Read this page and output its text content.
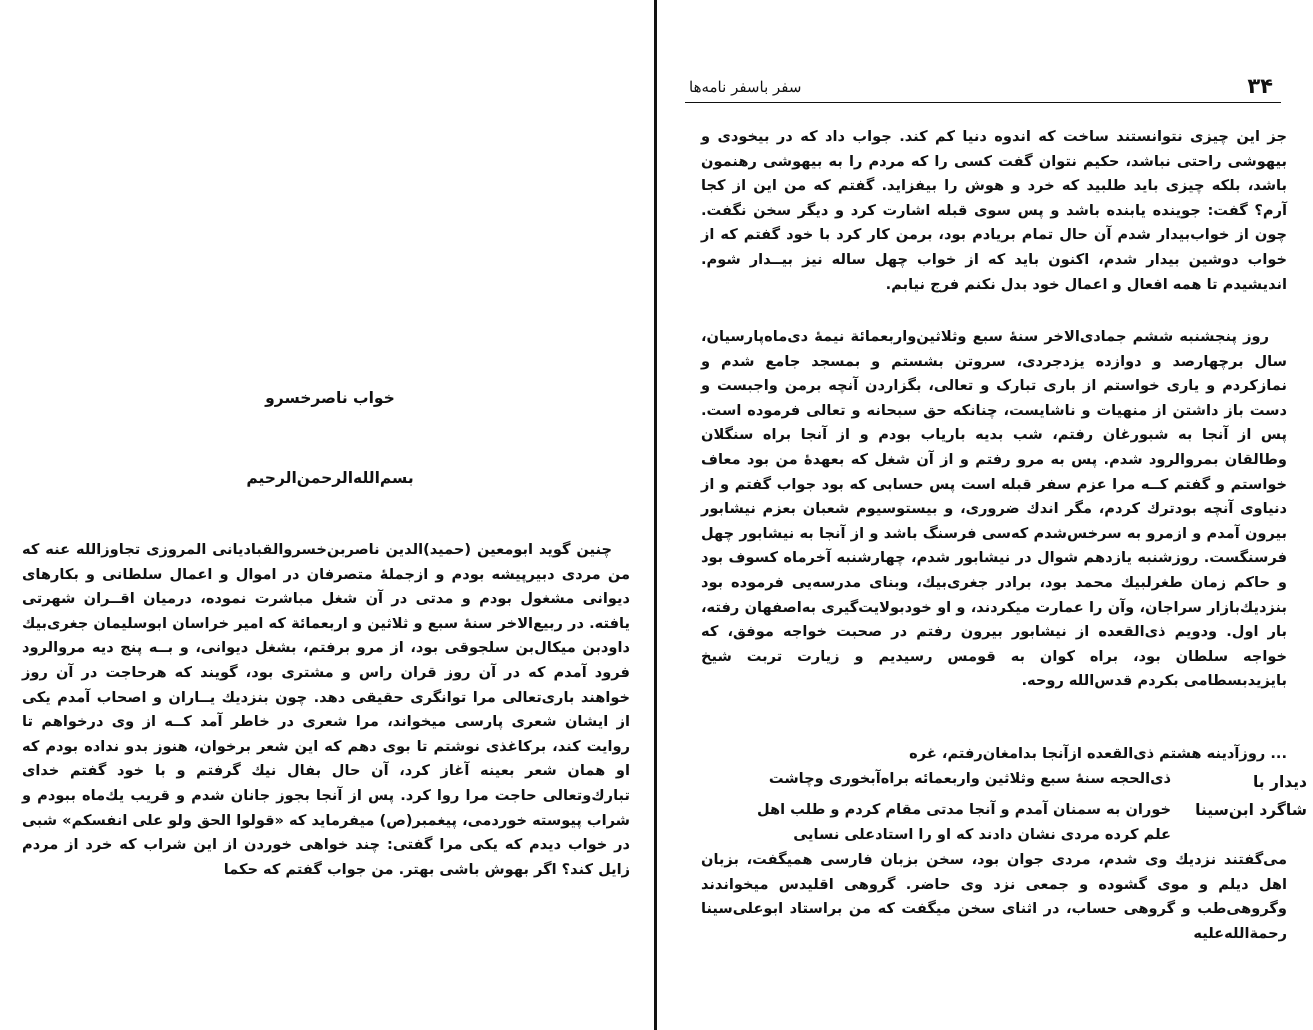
خواب ناصرخسرو
بسم‌الله‌الرحمن‌الرحیم
چنین گوید ابومعین (حمید)الدین ناصربن‌خسروالقبادیانی المروزی تجاوزالله عنه که من مردی دبیرپیشه بودم و ازجملهٔ متصرفان در اموال و اعمال سلطانی و بکارهای دیوانی مشغول بودم و مدتی در آن شغل مباشرت نموده، درمیان اقــران شهرتی یافته. در ربیع‌الاخر سنهٔ سبع و ثلاثین و اربعمائة که امیر خراسان ابوسلیمان جغری‌بیك داودبن میکال‌بن سلجوقی بود، از مرو برفتم، بشغل دیوانی، و بــه پنج دیه مروالرود فرود آمدم که در آن روز قران راس و مشتری بود، گویند که هرحاجت در آن روز خواهند باری‌تعالی مرا توانگری حقیقی دهد. چون بنزدیك یــاران و اصحاب آمدم یکی از ایشان شعری پارسی میخواند، مرا شعری در خاطر آمد کــه از وی درخواهم تا روایت کند، برکاغذی نوشتم تا بوی دهم که این شعر برخوان، هنوز بدو نداده بودم که او همان شعر بعینه آغاز کرد، آن حال بفال نیك گرفتم و با خود گفتم خدای تبارك‌وتعالی حاجت مرا روا کرد. پس از آنجا بجوز جانان شدم و قریب یك‌ماه ببودم و شراب پیوسته خوردمی، پیغمبر(ص) میفرماید که «قولوا الحق ولو علی انفسکم» شبی در خواب دیدم که یکی مرا گفتی: چند خواهی خوردن از این شراب که خرد از مردم زایل کند؟ اگر بهوش باشی بهتر. من جواب گفتم که حکما
۳۴
سفر باسفر نامه‌ها
جز این چیزی نتوانستند ساخت که اندوه دنیا کم کند. جواب داد که در بیخودی و بیهوشی راحتی نباشد، حکیم نتوان گفت کسی را که مردم را به بیهوشی رهنمون باشد، بلکه چیزی باید طلبید که خرد و هوش را بیفزاید. گفتم که من این از کجا آرم؟ گفت: جوینده یابنده باشد و پس سوی قبله اشارت کرد و دیگر سخن نگفت. چون از خواب‌بیدار شدم آن حال تمام بریادم بود، برمن کار کرد با خود گفتم که از خواب دوشین بیدار شدم، اکنون باید که از خواب چهل ساله نیز بیــدار شوم. اندیشیدم تا همه افعال و اعمال خود بدل نکنم فرج نیابم.
روز پنجشنبه ششم جمادی‌الاخر سنهٔ سبع وثلاثین‌واربعمائة نیمهٔ دی‌ماه‌پارسیان، سال برچهارصد و دوازده یزدجردی، سروتن بشستم و بمسجد جامع شدم و نمازکردم و یاری خواستم از باری تبارک و تعالی، بگزاردن آنچه برمن واجبست و دست باز داشتن از منهیات و ناشایست، چنانکه حق سبحانه و تعالی فرموده است. پس از آنجا به شبورغان رفتم، شب بدیه باریاب بودم و از آنجا براه سنگلان وطالقان بمروالرود شدم. پس به مرو رفتم و از آن شغل که بعهدهٔ من بود معاف خواستم و گفتم کــه مرا عزم سفر قبله است پس حسابی که بود جواب گفتم و از دنیاوی آنچه بودترك کردم، مگر اندك ضروری، و بیستوسیوم شعبان بعزم نیشابور بیرون آمدم و ازمرو به سرخس‌شدم که‌سی فرسنگ باشد و از آنجا به نیشابور چهل فرسنگست. روزشنبه یازدهم شوال در نیشابور شدم، چهارشنبه آخرماه کسوف بود و حاکم زمان طغرلبیك محمد بود، برادر جغری‌بیك، وبنای مدرسه‌یی فرموده بود بنزدیك‌بازار سراجان، وآن را عمارت میکردند، و او خودبولایت‌گیری به‌اصفهان رفته، بار اول. ودویم ذی‌القعده از نیشابور بیرون رفتم در صحبت خواجه موفق، که خواجه سلطان بود، براه کوان به قومس رسیدیم و زیارت تربت شیخ بایزیدبسطامی بکردم قدس‌الله روحه.
... روزآدینه هشتم ذی‌القعده ازآنجا بدامغان‌رفتم، غره
ذی‌الحجه سنهٔ سبع وثلاثین واربعمائه براه‌آبخوری وچاشت
خوران به سمنان آمدم و آنجا مدتی مقام کردم و طلب اهل
علم کرده مردی نشان دادند که او را استادعلی نسایی
می‌گفتند نزدیك وی شدم، مردی جوان بود، سخن بزبان فارسی همیگفت، بزبان اهل دیلم و موی گشوده و جمعی نزد وی حاضر. گروهی اقلیدس میخواندند وگروهی‌طب و گروهی حساب، در اثنای سخن میگفت که من براستاد ابوعلی‌سینا رحمةالله‌علیه
دیدار با
شاگرد ابن‌سینا
